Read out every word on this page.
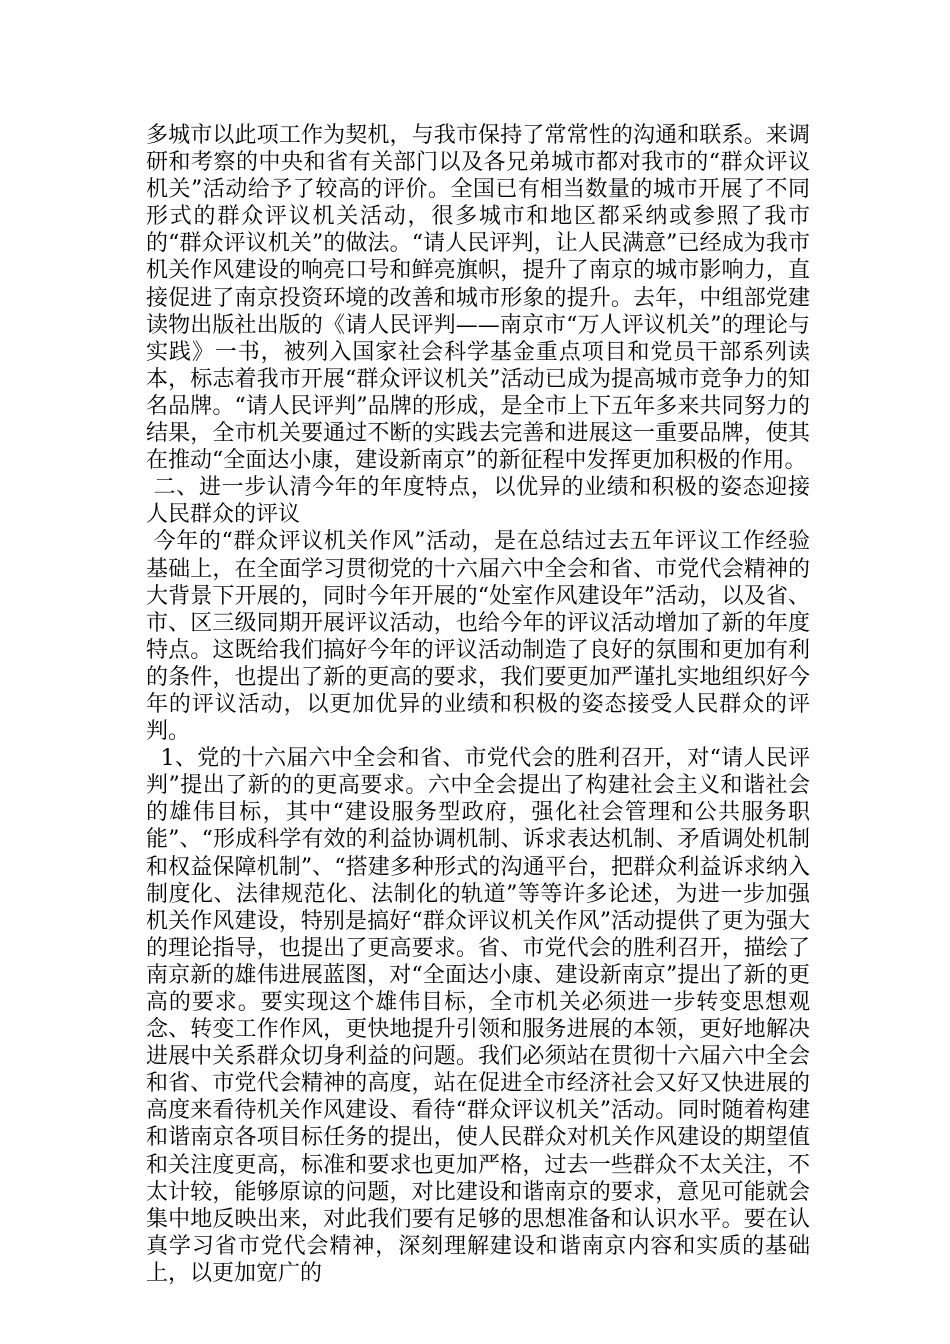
多城市以此项工作为契机，与我市保持了常常性的沟通和联系。来调研和考察的中央和省有关部门以及各兄弟城市都对我市的“群众评议机关”活动给予了较高的评价。全国已有相当数量的城市开展了不同形式的群众评议机关活动，很多城市和地区都采纳或参照了我市的“群众评议机关”的做法。“请人民评判，让人民满意”已经成为我市机关作风建设的响亮口号和鲜亮旗帜，提升了南京的城市影响力，直接促进了南京投资环境的改善和城市形象的提升。去年，中组部党建读物出版社出版的《请人民评判——南京市“万人评议机关”的理论与实践》一书，被列入国家社会科学基金重点项目和党员干部系列读本，标志着我市开展“群众评议机关”活动已成为提高城市竞争力的知名品牌。“请人民评判”品牌的形成，是全市上下五年多来共同努力的结果，全市机关要通过不断的实践去完善和进展这一重要品牌，使其在推动“全面达小康，建设新南京”的新征程中发挥更加积极的作用。

二、进一步认清今年的年度特点，以优异的业绩和积极的姿态迎接人民群众的评议

今年的“群众评议机关作风”活动，是在总结过去五年评议工作经验基础上，在全面学习贯彻党的十六届六中全会和省、市党代会精神的大背景下开展的，同时今年开展的“处室作风建设年”活动，以及省、市、区三级同期开展评议活动，也给今年的评议活动增加了新的年度特点。这既给我们搞好今年的评议活动制造了良好的氛围和更加有利的条件，也提出了新的更高的要求，我们要更加严谨扎实地组织好今年的评议活动，以更加优异的业绩和积极的姿态接受人民群众的评判。

1、党的十六届六中全会和省、市党代会的胜利召开，对“请人民评判”提出了新的的更高要求。六中全会提出了构建社会主义和谐社会的雄伟目标，其中“建设服务型政府，强化社会管理和公共服务职能”、“形成科学有效的利益协调机制、诉求表达机制、矛盾调处机制和权益保障机制”、“搭建多种形式的沟通平台，把群众利益诉求纳入制度化、法律规范化、法制化的轨道”等等许多论述，为进一步加强机关作风建设，特别是搞好“群众评议机关作风”活动提供了更为强大的理论指导，也提出了更高要求。省、市党代会的胜利召开，描绘了南京新的雄伟进展蓝图，对“全面达小康、建设新南京”提出了新的更高的要求。要实现这个雄伟目标，全市机关必须进一步转变思想观念、转变工作作风，更快地提升引领和服务进展的本领，更好地解决进展中关系群众切身利益的问题。我们必须站在贯彻十六届六中全会和省、市党代会精神的高度，站在促进全市经济社会又好又快进展的高度来看待机关作风建设、看待“群众评议机关”活动。同时随着构建和谐南京各项目标任务的提出，使人民群众对机关作风建设的期望值和关注度更高，标准和要求也更加严格，过去一些群众不太关注，不太计较，能够原谅的问题，对比建设和谐南京的要求，意见可能就会集中地反映出来，对此我们要有足够的思想准备和认识水平。要在认真学习省市党代会精神，深刻理解建设和谐南京内容和实质的基础上，以更加宽广的
